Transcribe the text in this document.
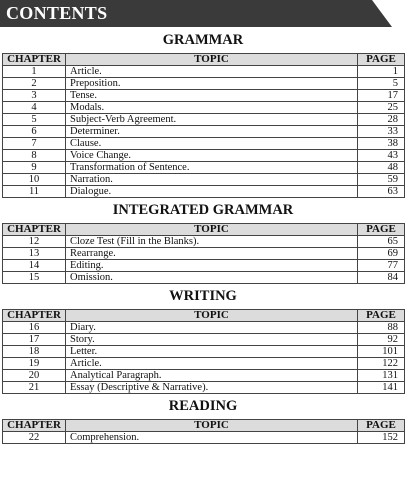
CONTENTS
GRAMMAR
CHAPTER	TOPIC	PAGE
1	Article.	1
2	Preposition.	5
3	Tense.	17
4	Modals.	25
5	Subject-Verb Agreement.	28
6	Determiner.	33
7	Clause.	38
8	Voice Change.	43
9	Transformation of Sentence.	48
10	Narration.	59
11	Dialogue.	63
INTEGRATED GRAMMAR
CHAPTER	TOPIC	PAGE
12	Cloze Test (Fill in the Blanks).	65
13	Rearrange.	69
14	Editing.	77
15	Omission.	84
WRITING
CHAPTER	TOPIC	PAGE
16	Diary.	88
17	Story.	92
18	Letter.	101
19	Article.	122
20	Analytical Paragraph.	131
21	Essay (Descriptive & Narrative).	141
READING
CHAPTER	TOPIC	PAGE
22	Comprehension.	152
